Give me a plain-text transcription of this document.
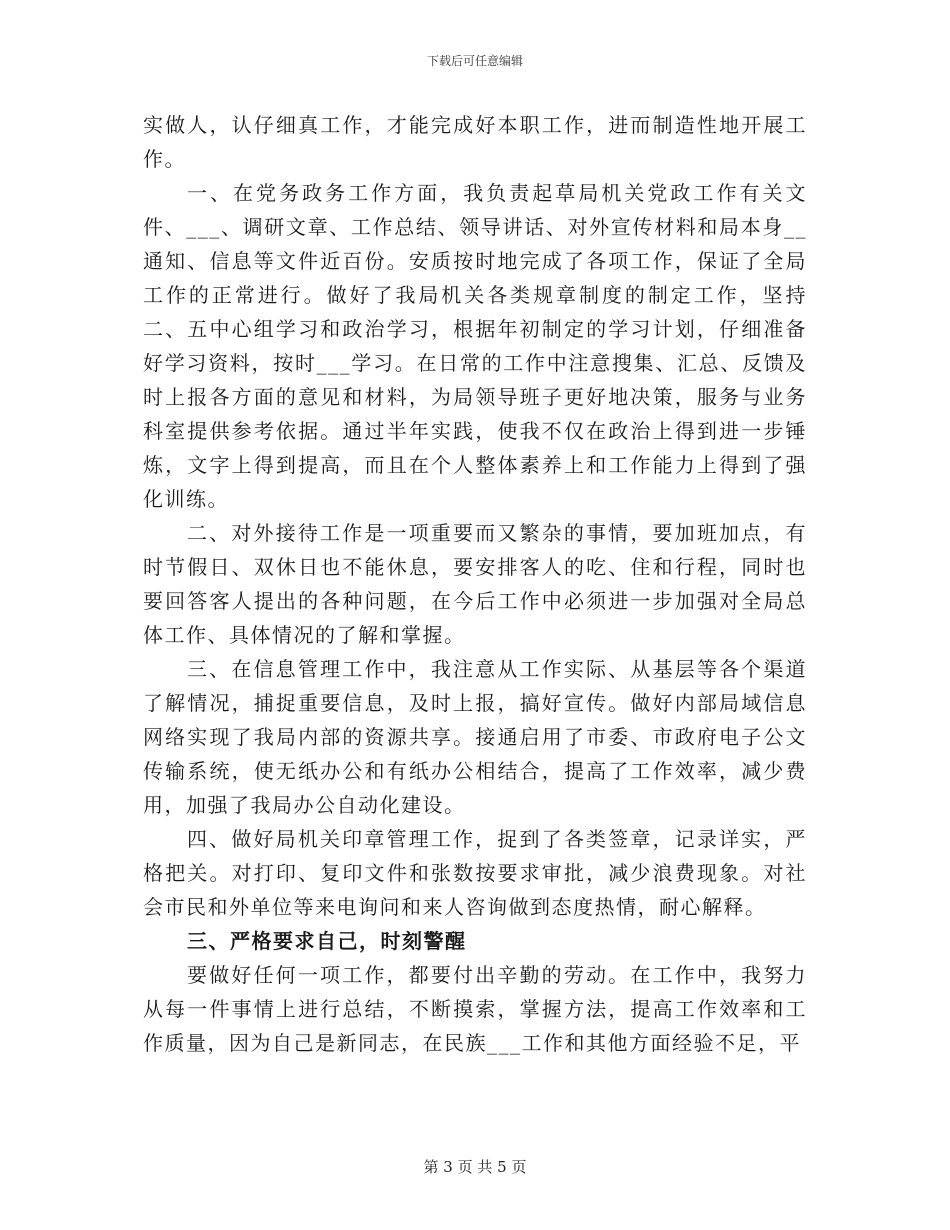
下载后可任意编辑

实做人，认仔细真工作，才能完成好本职工作，进而制造性地开展工作。

一、在党务政务工作方面，我负责起草局机关党政工作有关文件、___、调研文章、工作总结、领导讲话、对外宣传材料和局本身__通知、信息等文件近百份。安质按时地完成了各项工作，保证了全局工作的正常进行。做好了我局机关各类规章制度的制定工作，坚持二、五中心组学习和政治学习，根据年初制定的学习计划，仔细准备好学习资料，按时___学习。在日常的工作中注意搜集、汇总、反馈及时上报各方面的意见和材料，为局领导班子更好地决策，服务与业务科室提供参考依据。通过半年实践，使我不仅在政治上得到进一步锤炼，文字上得到提高，而且在个人整体素养上和工作能力上得到了强化训练。

二、对外接待工作是一项重要而又繁杂的事情，要加班加点，有时节假日、双休日也不能休息，要安排客人的吃、住和行程，同时也要回答客人提出的各种问题，在今后工作中必须进一步加强对全局总体工作、具体情况的了解和掌握。

三、在信息管理工作中，我注意从工作实际、从基层等各个渠道了解情况，捕捉重要信息，及时上报，搞好宣传。做好内部局域信息网络实现了我局内部的资源共享。接通启用了市委、市政府电子公文传输系统，使无纸办公和有纸办公相结合，提高了工作效率，减少费用，加强了我局办公自动化建设。

四、做好局机关印章管理工作，捉到了各类签章，记录详实，严格把关。对打印、复印文件和张数按要求审批，减少浪费现象。对社会市民和外单位等来电询问和来人咨询做到态度热情，耐心解释。

三、严格要求自己，时刻警醒

要做好任何一项工作，都要付出辛勤的劳动。在工作中，我努力从每一件事情上进行总结，不断摸索，掌握方法，提高工作效率和工作质量，因为自己是新同志，在民族___工作和其他方面经验不足，平

第 3 页 共 5 页
